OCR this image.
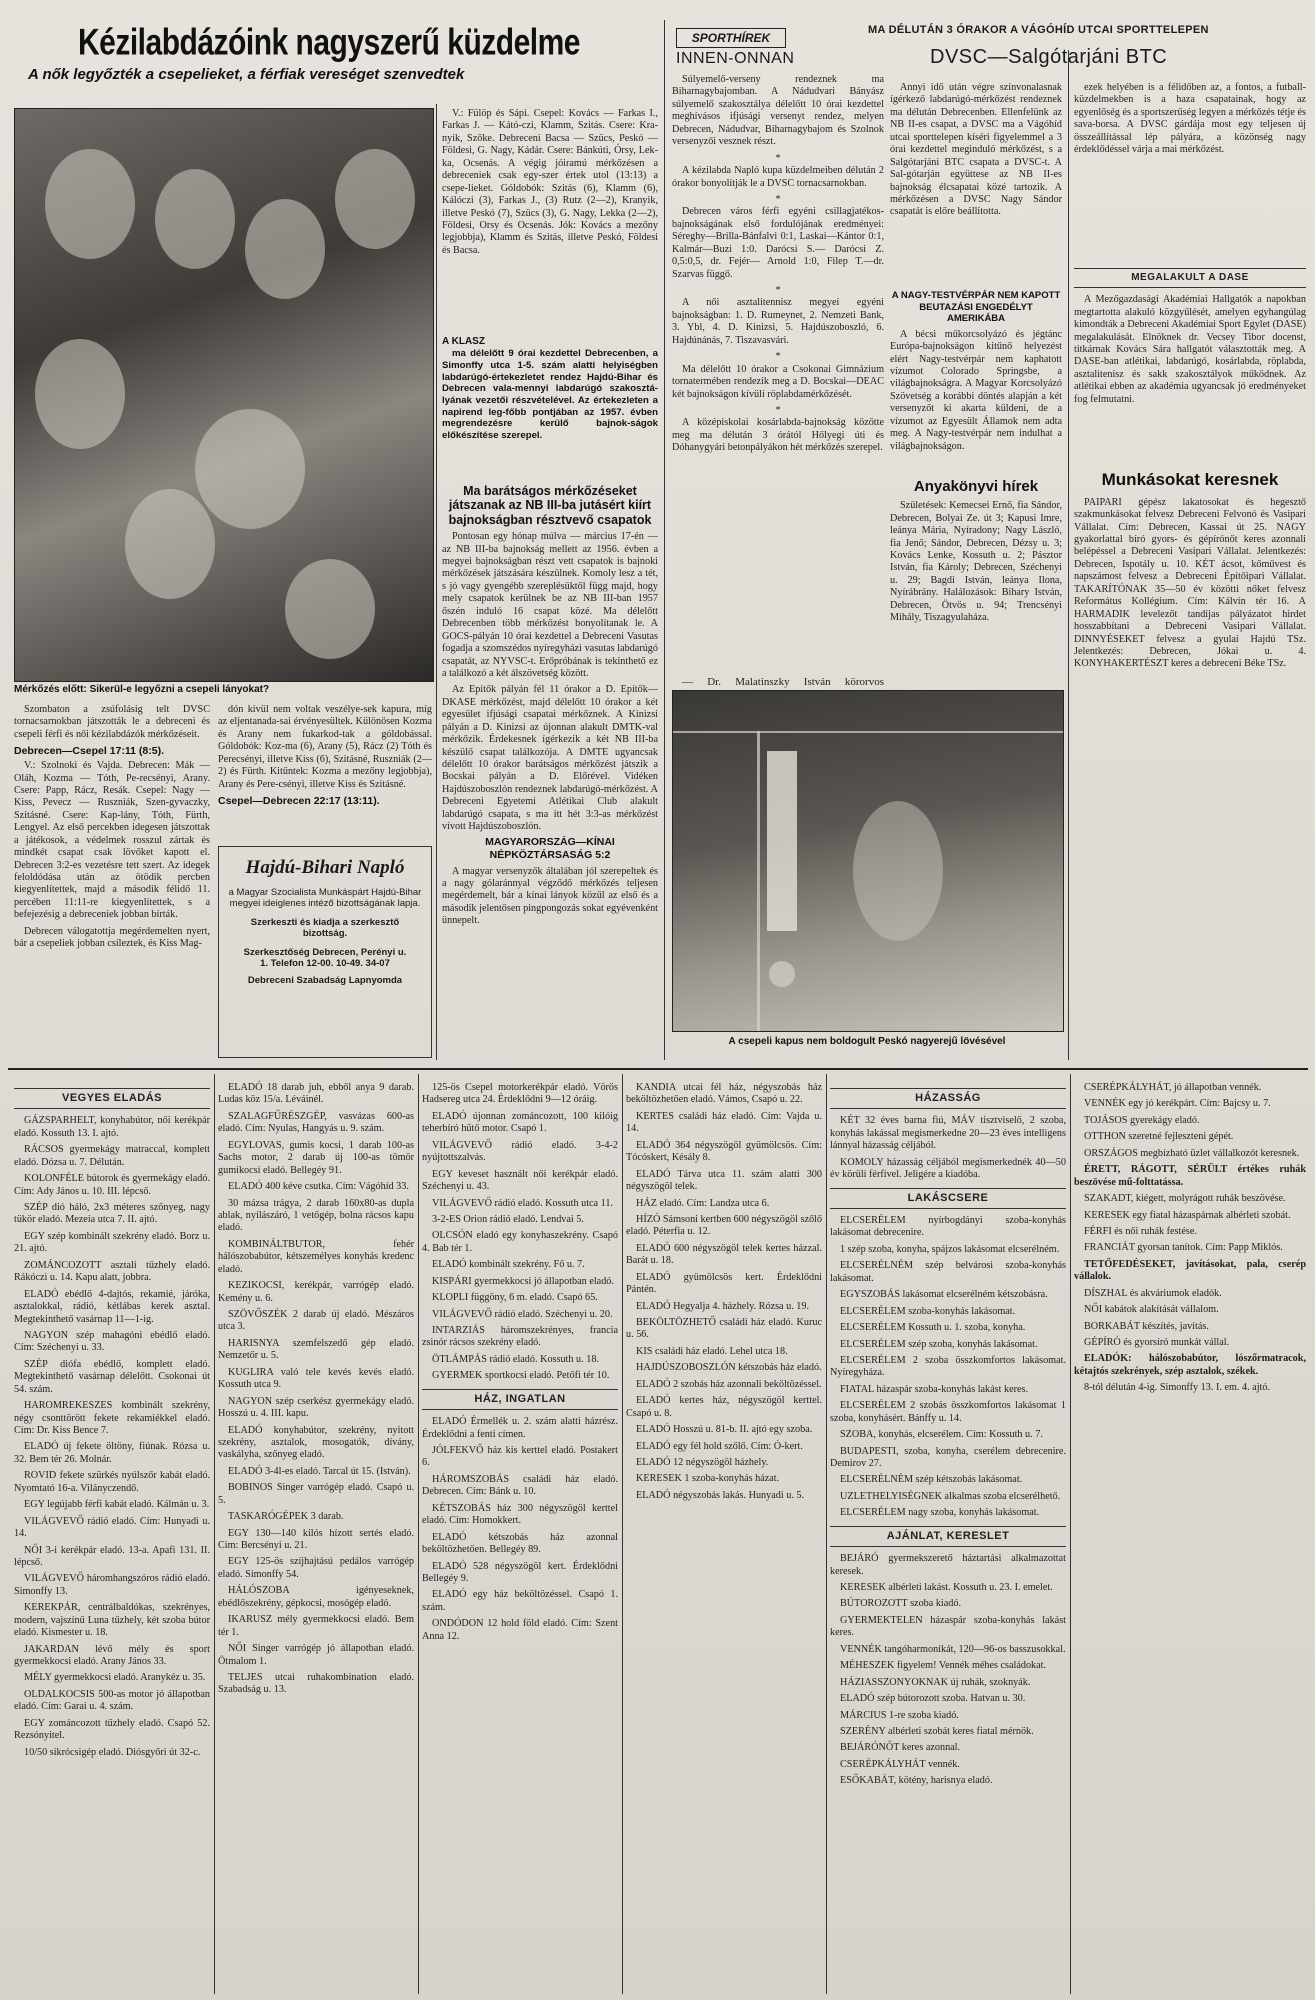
Kézilabdázóink nagyszerű küzdelme
A nők legyőzték a csepelieket, a férfiak vereséget szenvedtek
Mérkőzés előtt: Sikerül-e legyőzni a csepeli lányokat?

V.: Fülöp és Sápi. Csepel: Kovács — Farkas I., Farkas J. — Kátó-czi, Klamm, Szitás. Csere: Kra-nyik, Szőke. Debreceni Bacsa — Szücs, Peskó — Földesi, G. Nagy, Kádár. Csere: Bánkúti, Órsy, Lek-ka, Ocsenás. A végig jóiramú mérkőzésen a debreceniek csak egy-szer értek utol (13:13) a csepe-lieket. Góldobók: Szitás (6), Klamm (6), Kálóczi (3), Farkas J., (3) Rutz (2—2), Kranyik, illetve Peskó (7), Szücs (3), G. Nagy, Lekka (2—2), Földesi, Orsy és Ocsenás. Jók: Kovács a mezőny legjobbja), Klamm és Szitás, illetve Peskó, Földesi és Bacsa.

A KLASZ

ma délelőtt 9 órai kezdettel Debrecenben, a Simonffy utca 1-5. szám alatti helyiségben labdarúgó-értekezletet rendez Hajdú-Bihar és Debrecen vala-mennyi labdarúgó szakosztá-lyának vezetői részvételével. Az értekezleten a napirend leg-főbb pontjában az 1957. évben megrendezésre kerülő bajnok-ságok előkészítése szerepel.

Ma barátságos mérkőzéseket játszanak az NB III-ba jutásért kiírt bajnokságban résztvevő csapatok

Pontosan egy hónap múlva — március 17-én — az NB III-ba bajnokság mellett az 1956. évben a megyei bajnokságban részt vett csapatok is bajnoki mérkőzések játszására készülnek. Komoly lesz a tét, s jó vagy gyengébb szereplésüktől függ majd, hogy mely csapatok kerülnek be az NB III-ban 1957 őszén induló 16 csapat közé. Ma délelőtt Debrecenben több mérkőzést bonyolítanak le. A GOCS-pályán 10 órai kezdettel a Debreceni Vasutas fogadja a szomszédos nyíregyházi vasutas labdarúgó csapatát, az NYVSC-t. Erőpróbának is tekinthető ez a találkozó a két álszövetség között.

Az Epítők pályán fél 11 órakor a D. Epítők—DKASE mérkőzést, majd délelőtt 10 órakor a két egyesület ifjúsági csapatai mérkőznek. A Kinizsi pályán a D. Kinizsi az újonnan alakult DMTK-val mérkőzik. Érdekesnek ígérkezik a két NB III-ba készülő csapat találkozója. A DMTE ugyancsak délelőtt 10 órakor barátságos mérkőzést játszik a Bocskai pályán a D. Előrével. Vidéken Hajdúszoboszlón rendeznek labdarúgó-mérkőzést. A Debreceni Egyetemi Atlétikai Club alakult labdarúgó csapata, s ma itt hét 3:3-as mérkőzést vívott Hajdúszoboszlón.

Szombaton a zsúfolásig telt DVSC tornacsarnokban játszották le a debreceni és csepeli férfi és női kézilabdázók mérkőzéseit.

Debrecen—Csepel 17:11 (8:5).

V.: Szolnoki és Vajda. Debrecen: Mák — Oláh, Kozma — Tóth, Pe-recsényi, Arany. Csere: Papp, Rácz, Resák. Csepel: Nagy — Kiss, Pevecz — Ruszniák, Szen-gyvaczky, Szitásné. Csere: Kap-lány, Tóth, Fürth, Lengyel. Az első percekben idegesen játszottak a játékosok, a védelmek rosszul zártak és mindkét csapat csak lövőket kapott el. Debrecen 3:2-es vezetésre tett szert. Az idegek feloldódása után az ötödik percben kiegyenlítettek, majd a második félidő 11. percében 11:11-re kiegyenlítettek, s a befejezésig a debreceniek jobban bírták.

Debrecen válogatottja megérdemelten nyert, bár a csepeliek jobban csíleztek, és Kiss Mag-

dón kívül nem voltak veszélye-sek kapura, míg az eljentanada-sai érvényesültek. Különösen Kozma és Arany nem fukarkod-tak a góldobással. Góldobók: Koz-ma (6), Arany (5), Rácz (2) Tóth és Perecsényi, illetve Kiss (6), Szitásné, Ruszniák (2—2) és Fürth. Kitűntek: Kozma a mezőny legjobbja), Arany és Pere-csényi, illetve Kiss és Szitásné.

Csepel—Debrecen 22:17 (13:11).
Hajdú-Bihari Napló
a Magyar Szocialista Munkáspárt Hajdú-Bihar megyei ideiglenes intéző bizottságának lapja.
Szerkeszti és kiadja a szerkesztő bizottság.
Szerkesztőség Debrecen, Perényi u. 1. Telefon 12-00. 10-49. 34-07
Debreceni Szabadság Lapnyomda
MAGYARORSZÁG—KÍNAI NÉPKÖZTÁRSASÁG 5:2

A magyar versenyzők általában jól szerepeltek és a nagy gólaránnyal végződő mérkőzés teljesen megérdemelt, bár a kínai lányok közül az első és a második jelentősen pingpongozás sokat egyévenként ünnepelt.

SPORTHÍREK
INNEN-ONNAN

Súlyemelő-verseny rendeznek ma Biharnagybajomban. A Nádudvari Bányász súlyemelő szakosztálya délelőtt 10 órai kezdettel meghívásos ifjúsági versenyt rendez, melyen Debrecen, Nádudvar, Biharnagybajom és Szolnok versenyzői vesznek részt.

*

A kézilabda Napló kupa küzdelmeiben délután 2 órakor bonyolítják le a DVSC tornacsarnokban.

*

Debrecen város férfi egyéni csillagjatékos-bajnokságának első fordulójának eredményei: Séreghy—Brilla-Bánfalvi 0:1, Laskai—Kántor 0:1, Kalmár—Buzi 1:0. Darócsi S.— Darócsi Z. 0,5:0,5, dr. Fejér— Arnold 1:0, Filep T.—dr. Szarvas függő.

*

A női asztalitennisz megyei egyéni bajnokságban: 1. D. Rumeynet, 2. Nemzeti Bank, 3. Ybl, 4. D. Kinizsi, 5. Hajdúszoboszló, 6. Hajdúnánás, 7. Tiszavasvári.

*

Ma délelőtt 10 órakor a Csokonai Gimnázium tornatermében rendezik meg a D. Bocskai—DEAC két bajnokságon kívüli röplabdamérkőzését.

*

A középiskolai kosárlabda-bajnokság közötte meg ma délután 3 órától Hőlyegi úti és Dóhanygyári betonpályákon hét mérkőzés szerepel.

— Dr. Malatinszky István körorvos

MA DÉLUTÁN 3 ÓRAKOR A VÁGÓHÍD UTCAI SPORTTELEPEN
DVSC—Salgótarjáni BTC

Annyi idő után végre színvonalasnak ígérkező labdarúgó-mérkőzést rendeznek ma délután Debrecenben. Ellenfelünk az NB II-es csapat, a DVSC ma a Vágóhíd utcai sporttelepen kíséri figyelemmel a 3 órai kezdettel meginduló mérkőzést, s a Salgótarjáni BTC csapata a DVSC-t. A Sal-gótarján együttese az NB II-es bajnokság élcsapatai közé tartozik. A mérkőzésen a DVSC Nagy Sándor csapatát is előre beállította.

ezek helyében is a félidőben az, a fontos, a futball-küzdelmekben is a haza csapatainak, hogy az egyenlőség és a sportszerűség legyen a mérkőzés tétje és sava-borsa. A DVSC gárdája most egy teljesen új összeállítással lép pályára, a közönség nagy érdeklődéssel várja a mai mérkőzést.

A NAGY-TESTVÉRPÁR NEM KAPOTT BEUTAZÁSI ENGEDÉLYT AMERIKÁBA

A bécsi műkorcsolyázó és jégtánc Európa-bajnokságon kitűnő helyezést elért Nagy-testvérpár nem kaphatott vízumot Colorado Springsbe, a világbajnokságra. A Magyar Korcsolyázó Szövetség a korábbi döntés alapján a két versenyzőt ki akarta küldeni, de a vízumot az Egyesült Államok nem adta meg. A Nagy-testvérpár nem indulhat a világbajnokságon.

Anyakönyvi hírek

Születések: Kemecsei Ernő, fia Sándor, Debrecen, Bolyai Ze. út 3; Kapusi Imre, leánya Mária, Nyíradony; Nagy László, fia Jenő; Sándor, Debrecen, Dézsy u. 3; Kovács Lenke, Kossuth u. 2; Pásztor István, fia Károly; Debrecen, Széchenyi u. 29; Bagdi István, leánya Ilona, Nyírábrány. Halálozások: Bihary István, Debrecen, Ötvös u. 94; Trencsényi Mihály, Tiszagyulaháza.

MEGALAKULT A DASE

A Mezőgazdasági Akadémiai Hallgatók a napokban megtartotta alakuló közgyűlését, amelyen egyhangúlag kimondták a Debreceni Akadémiai Sport Egylet (DASE) megalakulását. Elnöknek dr. Vecsey Tibor docenst, titkárnak Kovács Sára hallgatót választották meg. A DASE-ban atlétikai, labdarúgó, kosárlabda, röplabda, asztalitenisz és sakk szakosztályok működnek. Az atlétikai ebben az akadémia ugyancsak jó eredményeket fog felmutatni.

Munkásokat keresnek

PAIPARI gépész lakatosokat és hegesztő szakmunkásokat felvesz Debreceni Felvonó és Vasipari Vállalat. Cím: Debrecen, Kassai út 25. NAGY gyakorlattal bíró gyors- és gépírónőt keres azonnali belépéssel a Debreceni Vasipari Vállalat. Jelentkezés: Debrecen, Ispotály u. 10. KÉT ácsot, kőművest és napszámost felvesz a Debreceni Építőipari Vállalat. TAKARÍTÓNAK 35—50 év közötti nőket felvesz Református Kollégium. Cím: Kálvin tér 16. A HARMADIK levelezőt tandíjas pályázatot hirdet hosszabbítani a Debreceni Vasipari Vállalat. DINNYÉSEKET felvesz a gyulai Hajdú TSz. Jelentkezés: Debrecen, Jókai u. 4. KONYHAKERTÉSZT keres a debreceni Béke TSz.

A csepeli kapus nem boldogult Peskó nagyerejű lövésével
VEGYES ELADÁS

GÁZSPARHELT, konyhabútor, női kerékpár eladó. Kossuth 13. I. ajtó.

RÁCSOS gyermekágy matraccal, komplett eladó. Dózsa u. 7. Délután.

KOLONFÉLE bútorok és gyermekágy eladó. Cím: Ady János u. 10. III. lépcső.

SZÉP dió háló, 2x3 méteres szőnyeg, nagy tükör eladó. Mezeia utca 7. II. ajtó.

EGY szép kombinált szekrény eladó. Borz u. 21. ajtó.

ZOMÁNCOZOTT asztali tűzhely eladó. Rákóczi u. 14. Kapu alatt, jobbra.

ELADÓ ebédlő 4-dajtós, rekamié, járóka, asztalokkal, rádió, kétlábas kerek asztal. Megtekinthető vasárnap 11—1-ig.

NAGYON szép mahagóni ebédlő eladó. Cím: Széchenyi u. 33.

SZÉP diófa ebédlő, komplett eladó. Megtekinthető vasárnap délelőtt. Csokonai út 54. szám.

HAROMREKESZES kombinált szekrény, négy csonttörött fekete rekamiékkel eladó. Cím: Dr. Kiss Bence 7.

ELADÓ új fekete öltöny, fiúnak. Rózsa u. 32. Bem tér 26. Molnár.

ROVID fekete szürkés nyúlszőr kabát eladó. Nyomtató 16-a. Vilányczendő.

EGY legújabb férfi kabát eladó. Kálmán u. 3.

VILÁGVEVŐ rádió eladó. Cím: Hunyadi u. 14.

NŐI 3-i kerékpár eladó. 13-a. Apafi 131. II. lépcső.

VILÁGVEVŐ háromhangszóros rádió eladó. Simonffy 13.

KEREKPÁR, centrálbaldókas, szekrényes, modern, vajszínű Luna tűzhely, két szoba bútor eladó. Kismester u. 18.

JAKARDAN lévő mély és sport gyermekkocsi eladó. Arany János 33.

MÉLY gyermekkocsi eladó. Aranykéz u. 35.

OLDALKOCSIS 500-as motor jó állapotban eladó. Cím: Garai u. 4. szám.

EGY zománcozott tűzhely eladó. Csapó 52. Rezsónyitel.

10/50 sikrócsigép eladó. Diósgyőri út 32-c.

ELADÓ 18 darab juh, ebből anya 9 darab. Ludas köz 15/a. Léváinél.

SZALAGFŰRÉSZGÉP, vasvázas 600-as eladó. Cím: Nyulas, Hangyás u. 9. szám.

EGYLOVAS, gumis kocsi, 1 darab 100-as Sachs motor, 2 darab új 100-as tömör gumikocsi eladó. Bellegéy 91.

ELADÓ 400 kéve csutka. Cím: Vágóhíd 33.

30 mázsa trágya, 2 darab 160x80-as dupla ablak, nyílászáró, 1 vetőgép, bolna rácsos kapu eladó.

KOMBINÁLTBUTOR, fehér hálószobabútor, kétszemélyes konyhás kredenc eladó.

KEZIKOCSI, kerékpár, varrógép eladó. Kemény u. 6.

SZÖVŐSZÉK 2 darab új eladó. Mészáros utca 3.

HARISNYA szemfelszedő gép eladó. Nemzetőr u. 5.

KUGLIRA való tele kevés kevés eladó. Kossuth utca 9.

NAGYON szép cserkész gyermekágy eladó. Hosszú u. 4. III. kapu.

ELADÓ konyhabútor, szekrény, nyitott szekrény, asztalok, mosogatók, dívány, vaskályha, szőnyeg eladó.

ELADÓ 3-4l-es eladó. Tarcal út 15. (István).

BOBINOS Singer varrógép eladó. Csapó u. 5.

TASKARÓGÉPEK 3 darab.

EGY 130—140 kilós hízott sertés eladó. Cím: Bercsényi u. 21.

EGY 125-ös szíjhajtású pedálos varrógép eladó. Simonffy 54.

HÁLÓSZOBA igényeseknek, ebédlőszekrény, gépkocsi, mosógép eladó.

IKARUSZ mély gyermekkocsi eladó. Bem tér 1.

NŐI Singer varrógép jó állapotban eladó. Ötmalom 1.

TELJES utcai ruhakombination eladó. Szabadság u. 13.

125-ös Csepel motorkerékpár eladó. Vörös Hadsereg utca 24. Érdeklődni 9—12 óráig.

ELADÓ újonnan zománcozott, 100 kilóig teherbíró hűtő motor. Csapó 1.

VILÁGVEVŐ rádió eladó. 3-4-2 nyújtottszalvás.

EGY keveset használt női kerékpár eladó. Széchenyi u. 43.

VILÁGVEVŐ rádió eladó. Kossuth utca 11.

3-2-ES Orion rádió eladó. Lendvai 5.

OLCSÓN eladó egy konyhaszekrény. Csapó 4. Bab tér 1.

ELADÓ kombinált szekrény. Fő u. 7.

KISPÁRI gyermekkocsi jó állapotban eladó.

KLOPLI függöny, 6 m. eladó. Csapó 65.

VILÁGVEVŐ rádió eladó. Széchenyi u. 20.

INTARZIÁS háromszekrényes, francia zsinór rácsos szekrény eladó.

ÖTLÁMPÁS rádió eladó. Kossuth u. 18.

GYERMEK sportkocsi eladó. Petőfi tér 10.

HÁZ, INGATLAN

ELADÓ Érmellék u. 2. szám alatti házrész. Érdeklődni a fenti címen.

JÓLFEKVŐ ház kis kerttel eladó. Postakert 6.

HÁROMSZOBÁS családi ház eladó. Debrecen. Cím: Bánk u. 10.

KÉTSZOBÁS ház 300 négyszögöl kerttel eladó. Cím: Homokkert.

ELADÓ kétszobás ház azonnal beköltözhetően. Bellegéy 89.

ELADÓ 528 négyszögöl kert. Érdeklődni Bellegéy 9.

ELADÓ egy ház beköltözéssel. Csapó 1. szám.

ONDÓDON 12 hold föld eladó. Cím: Szent Anna 12.

KANDIA utcai fél ház, négyszobás ház beköltözhetően eladó. Vámos, Csapó u. 22.

KERTES családi ház eladó. Cím: Vajda u. 14.

ELADÓ 364 négyszögöl gyümölcsös. Cím: Tócóskert, Késály 8.

ELADÓ Tárva utca 11. szám alatti 300 négyszögöl telek.

HÁZ eladó. Cím: Landza utca 6.

HÍZÓ Sámsoni kertben 600 négyszögöl szőlő eladó. Péterfia u. 12.

ELADÓ 600 négyszögöl telek kertes házzal. Barát u. 18.

ELADÓ gyümölcsös kert. Érdeklődni Pántén.

ELADÓ Hegyalja 4. házhely. Rózsa u. 19.

BEKÖLTÖZHETŐ családi ház eladó. Kuruc u. 56.

KIS családi ház eladó. Lehel utca 18.

HAJDÚSZOBOSZLÓN kétszobás ház eladó.

ELADÓ 2 szobás ház azonnali beköltözéssel.

ELADÓ kertes ház, négyszögöl kerttel. Csapó u. 8.

ELADÓ Hosszú u. 81-b. II. ajtó egy szoba.

ELADÓ egy fél hold szőlő. Cím: Ó-kert.

ELADÓ 12 négyszögöl házhely.

KERESEK 1 szoba-konyhás házat.

ELADÓ négyszobás lakás. Hunyadi u. 5.

HÁZASSÁG

KÉT 32 éves barna fiú, MÁV tisztviselő, 2 szoba, konyhás lakással megismerkedne 20—23 éves intelligens lánnyal házasság céljából.

KOMOLY házasság céljából megismerkednék 40—50 év körüli férfivel. Jeligére a kiadóba.

LAKÁSCSERE

ELCSERÉLEM nyírbogdányi szoba-konyhás lakásomat debrecenire.

1 szép szoba, konyha, spájzos lakásomat elcserélném.

ELCSERÉLNÉM szép belvárosi szoba-konyhás lakásomat.

EGYSZOBÁS lakásomat elcserélném kétszobásra.

ELCSERÉLEM szoba-konyhás lakásomat.

ELCSERÉLEM Kossuth u. 1. szoba, konyha.

ELCSERÉLEM szép szoba, konyhás lakásomat.

ELCSERÉLEM 2 szoba összkomfortos lakásomat. Nyíregyháza.

FIATAL házaspár szoba-konyhás lakást keres.

ELCSERÉLEM 2 szobás összkomfortos lakásomat 1 szoba, konyhásért. Bánffy u. 14.

SZOBA, konyhás, elcserélem. Cím: Kossuth u. 7.

BUDAPESTI, szoba, konyha, cserélem debrecenire. Demirov 27.

ELCSERÉLNÉM szép kétszobás lakásomat.

UZLETHELYISÉGNEK alkalmas szoba elcserélhető.

ELCSERÉLEM nagy szoba, konyhás lakásomat.

AJÁNLAT, KERESLET

BEJÁRÓ gyermekszerető háztartási alkalmazottat keresek.

KERESEK albérleti lakást. Kossuth u. 23. I. emelet.

BÚTOROZOTT szoba kiadó.

GYERMEKTELEN házaspár szoba-konyhás lakást keres.

VENNÉK tangóharmonikát, 120—96-os basszusokkal.

MÉHESZEK figyelem! Vennék méhes családokat.

HÁZIASSZONYOKNAK új ruhák, szoknyák.

ELADÓ szép bútorozott szoba. Hatvan u. 30.

MÁRCIUS 1-re szoba kiadó.

SZERÉNY albérleti szobát keres fiatal mérnök.

BEJÁRÓNŐT keres azonnal.

CSERÉPKÁLYHÁT vennék.

ESŐKABÁT, kötény, harisnya eladó.

CSERÉPKÁLYHÁT, jó állapotban vennék.

VENNÉK egy jó kerékpárt. Cím: Bajcsy u. 7.

TOJÁSOS gyerekágy eladó.

OTTHON szeretné fejleszteni gépét.

ORSZÁGOS megbízható üzlet vállalkozót keresnek.

ÉRETT, RÁGOTT, SÉRÜLT értékes ruhák beszövése mű-folttatássa.

SZAKADT, kiégett, molyrágott ruhák beszövése.

KERESEK egy fiatal házaspárnak albérleti szobát.

FÉRFI és női ruhák festése.

FRANCIÁT gyorsan tanítok. Cím: Papp Miklós.

TETŐFEDÉSEKET, javításokat, pala, cserép vállalok.

DÍSZHAL és akváriumok eladók.

NŐI kabátok alakítását vállalom.

BORKABÁT készítés, javítás.

GÉPÍRÓ és gyorsíró munkát vállal.

ELADÓK: hálószobabútor, lószőrmatracok, kétajtós szekrények, szép asztalok, székek.

8-tól délután 4-ig. Simonffy 13. I. em. 4. ajtó.
